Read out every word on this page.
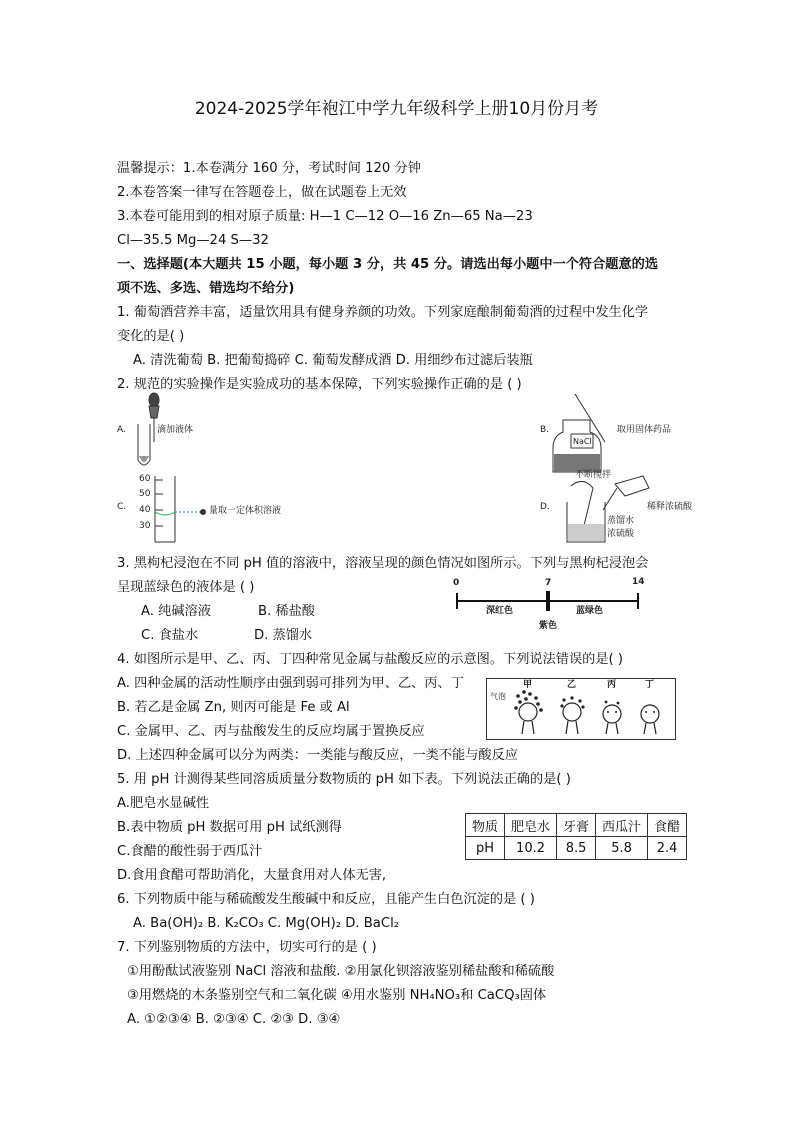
2024-2025学年袍江中学九年级科学上册10月份月考
温馨提示：1.本卷满分 160 分，考试时间 120 分钟
2.本卷答案一律写在答题卷上，做在试题卷上无效
3.本卷可能用到的相对原子质量: H—1 C—12 O—16 Zn—65 Na—23
Cl—35.5 Mg—24 S—32
一、选择题(本大题共 15 小题，每小题 3 分，共 45 分。请选出每小题中一个符合题意的选
项不选、多选、错选均不给分)
1. 葡萄酒营养丰富，适量饮用具有健身养颜的功效。下列家庭酿制葡萄酒的过程中发生化学
变化的是( )
A. 清洗葡萄 B. 把葡萄捣碎 C. 葡萄发酵成酒 D. 用细纱布过滤后装瓶
2. 规范的实验操作是实验成功的基本保障，下列实验操作正确的是 ( )
A.	滴加液体	B.
NaCl
取用固体药品
C.
60
50
40
30
量取一定体积溶液	D.
不断搅拌
稀释浓硫酸
蒸馏水
浓硫酸
3. 黑枸杞浸泡在不同 pH 值的溶液中，溶液呈现的颜色情况如图所示。下列与黑枸杞浸泡会
呈现蓝绿色的液体是 ( )
A. 纯碱溶液	B. 稀盐酸
C. 食盐水	D. 蒸馏水
0	7	14
深红色
紫色
蓝绿色
4. 如图所示是甲、乙、丙、丁四种常见金属与盐酸反应的示意图。下列说法错误的是( )
A. 四种金属的活动性顺序由强到弱可排列为甲、乙、丙、丁
B. 若乙是金属 Zn, 则丙可能是 Fe 或 Al
C. 金属甲、乙、丙与盐酸发生的反应均属于置换反应
D. 上述四种金属可以分为两类：一类能与酸反应，一类不能与酸反应
气泡
甲	乙	丙	丁
5. 用 pH 计测得某些同溶质质量分数物质的 pH 如下表。下列说法正确的是( )
A.肥皂水显碱性
B.表中物质 pH 数据可用 pH 试纸测得
C.食醋的酸性弱于西瓜汁
D.食用食醋可帮助消化，大量食用对人体无害,
物质	肥皂水	牙膏	西瓜汁	食醋
pH	10.2	8.5	5.8	2.4
6. 下列物质中能与稀硫酸发生酸碱中和反应，且能产生白色沉淀的是 ( )
A. Ba(OH)₂ B. K₂CO₃ C. Mg(OH)₂ D. BaCl₂
7. 下列鉴别物质的方法中，切实可行的是 ( )
①用酚酞试液鉴别 NaCl 溶液和盐酸. ②用氯化钡溶液鉴别稀盐酸和稀硫酸
③用燃烧的木条鉴别空气和二氧化碳 ④用水鉴别 NH₄NO₃和 CaCQ₃固体
A. ①②③④ B. ②③④ C. ②③ D. ③④
